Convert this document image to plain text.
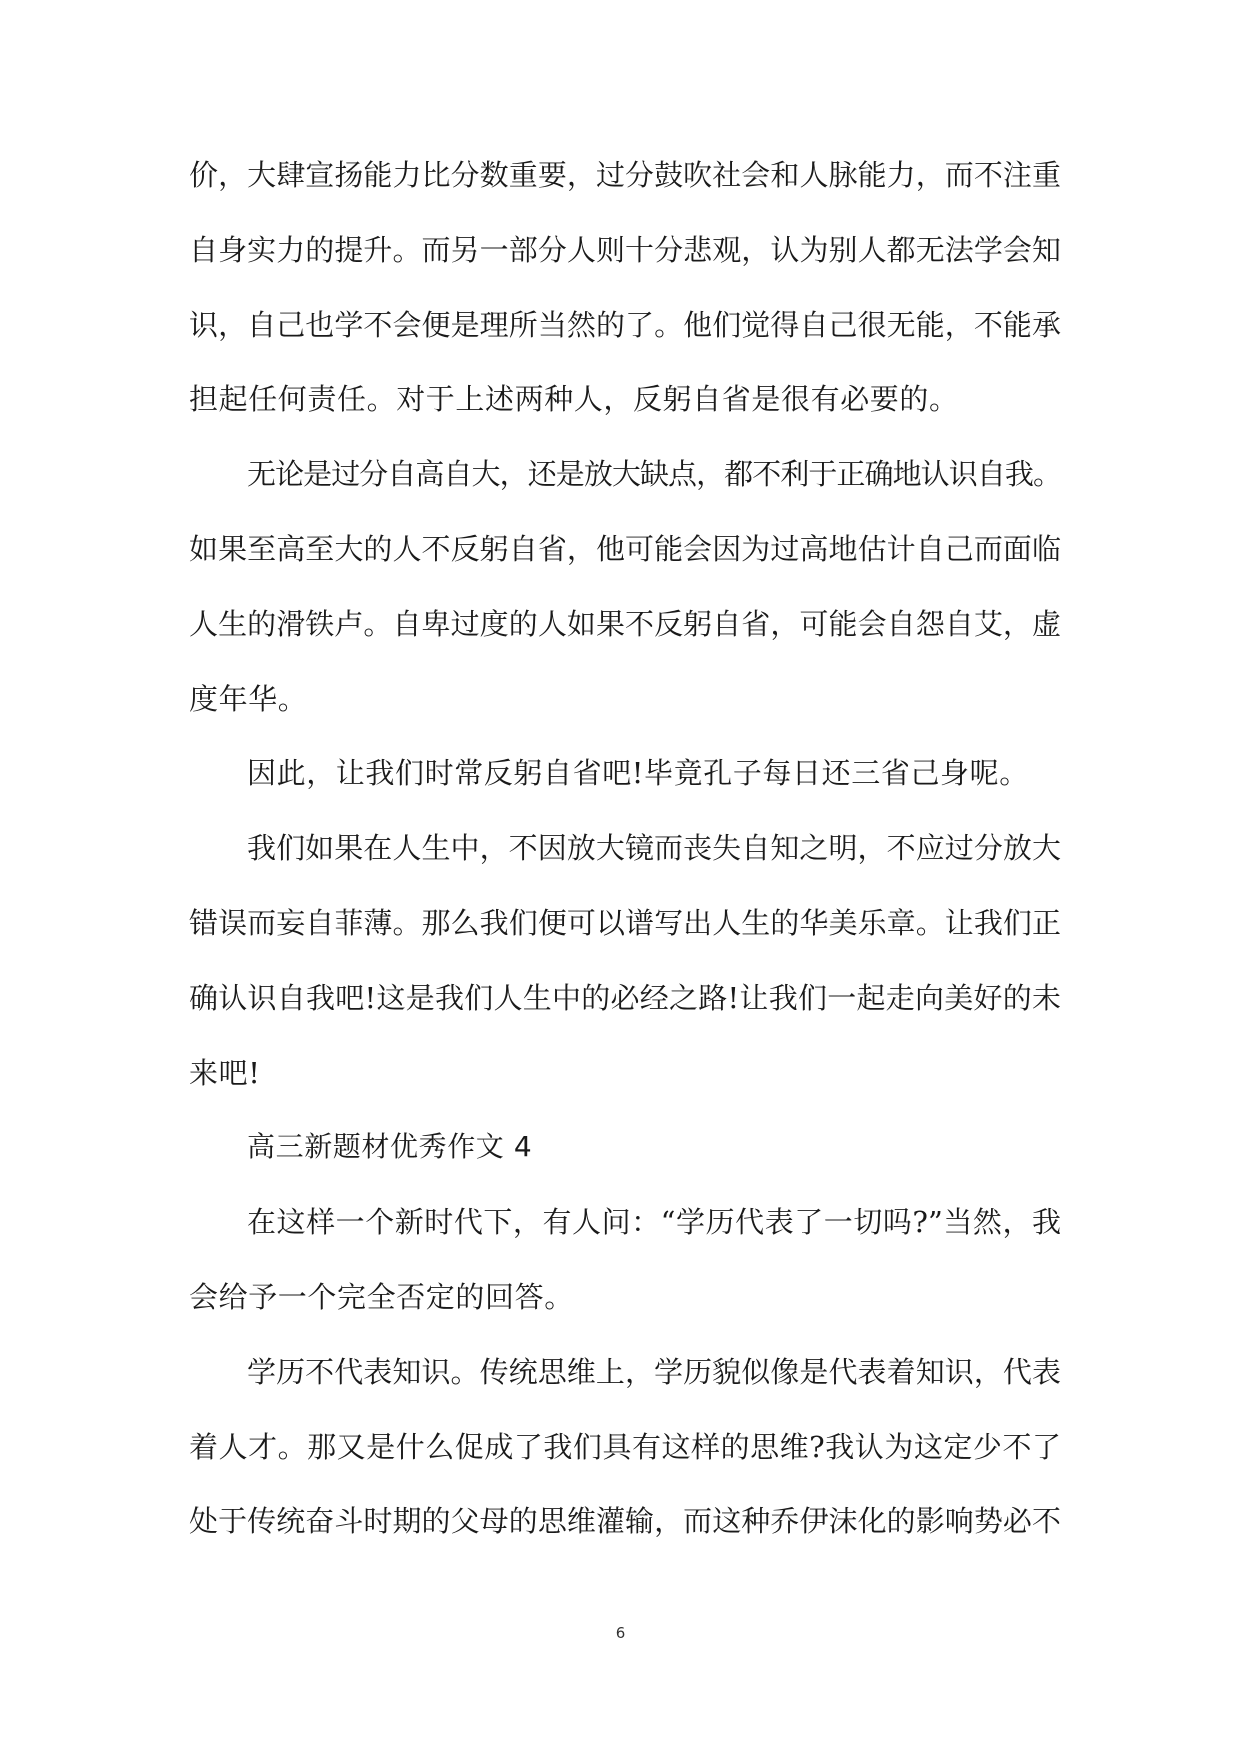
价，大肆宣扬能力比分数重要，过分鼓吹社会和人脉能力，而不注重
自身实力的提升。而另一部分人则十分悲观，认为别人都无法学会知
识，自己也学不会便是理所当然的了。他们觉得自己很无能，不能承
担起任何责任。对于上述两种人，反躬自省是很有必要的。
无论是过分自高自大，还是放大缺点，都不利于正确地认识自我。
如果至高至大的人不反躬自省，他可能会因为过高地估计自己而面临
人生的滑铁卢。自卑过度的人如果不反躬自省，可能会自怨自艾，虚
度年华。
因此，让我们时常反躬自省吧!毕竟孔子每日还三省己身呢。
我们如果在人生中，不因放大镜而丧失自知之明，不应过分放大
错误而妄自菲薄。那么我们便可以谱写出人生的华美乐章。让我们正
确认识自我吧!这是我们人生中的必经之路!让我们一起走向美好的未
来吧!
高三新题材优秀作文 4
在这样一个新时代下，有人问：“学历代表了一切吗?”当然，我
会给予一个完全否定的回答。
学历不代表知识。传统思维上，学历貌似像是代表着知识，代表
着人才。那又是什么促成了我们具有这样的思维?我认为这定少不了
处于传统奋斗时期的父母的思维灌输，而这种乔伊沫化的影响势必不
6
